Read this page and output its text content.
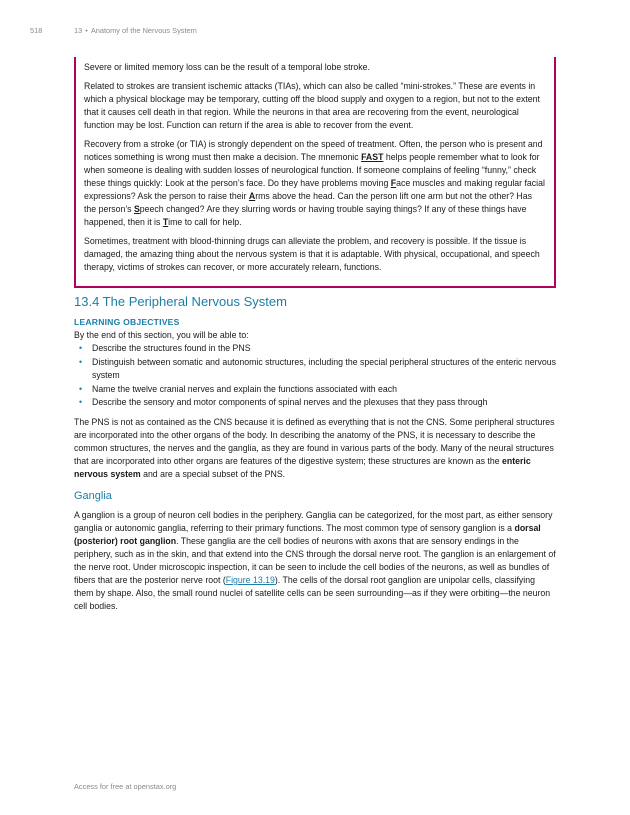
518	13 • Anatomy of the Nervous System

Severe or limited memory loss can be the result of a temporal lobe stroke.

Related to strokes are transient ischemic attacks (TIAs), which can also be called “mini-strokes.” These are events in which a physical blockage may be temporary, cutting off the blood supply and oxygen to a region, but not to the extent that it causes cell death in that region. While the neurons in that area are recovering from the event, neurological function may be lost. Function can return if the area is able to recover from the event.

Recovery from a stroke (or TIA) is strongly dependent on the speed of treatment. Often, the person who is present and notices something is wrong must then make a decision. The mnemonic FAST helps people remember what to look for when someone is dealing with sudden losses of neurological function. If someone complains of feeling “funny,” check these things quickly: Look at the person’s face. Do they have problems moving Face muscles and making regular facial expressions? Ask the person to raise their Arms above the head. Can the person lift one arm but not the other? Has the person’s Speech changed? Are they slurring words or having trouble saying things? If any of these things have happened, then it is Time to call for help.

Sometimes, treatment with blood-thinning drugs can alleviate the problem, and recovery is possible. If the tissue is damaged, the amazing thing about the nervous system is that it is adaptable. With physical, occupational, and speech therapy, victims of strokes can recover, or more accurately relearn, functions.

13.4 The Peripheral Nervous System
LEARNING OBJECTIVES

By the end of this section, you will be able to:

• Describe the structures found in the PNS
• Distinguish between somatic and autonomic structures, including the special peripheral structures of the enteric nervous system
• Name the twelve cranial nerves and explain the functions associated with each
• Describe the sensory and motor components of spinal nerves and the plexuses that they pass through

The PNS is not as contained as the CNS because it is defined as everything that is not the CNS. Some peripheral structures are incorporated into the other organs of the body. In describing the anatomy of the PNS, it is necessary to describe the common structures, the nerves and the ganglia, as they are found in various parts of the body. Many of the neural structures that are incorporated into other organs are features of the digestive system; these structures are known as the enteric nervous system and are a special subset of the PNS.

Ganglia

A ganglion is a group of neuron cell bodies in the periphery. Ganglia can be categorized, for the most part, as either sensory ganglia or autonomic ganglia, referring to their primary functions. The most common type of sensory ganglion is a dorsal (posterior) root ganglion. These ganglia are the cell bodies of neurons with axons that are sensory endings in the periphery, such as in the skin, and that extend into the CNS through the dorsal nerve root. The ganglion is an enlargement of the nerve root. Under microscopic inspection, it can be seen to include the cell bodies of the neurons, as well as bundles of fibers that are the posterior nerve root (Figure 13.19). The cells of the dorsal root ganglion are unipolar cells, classifying them by shape. Also, the small round nuclei of satellite cells can be seen surrounding—as if they were orbiting—the neuron cell bodies.

Access for free at openstax.org
